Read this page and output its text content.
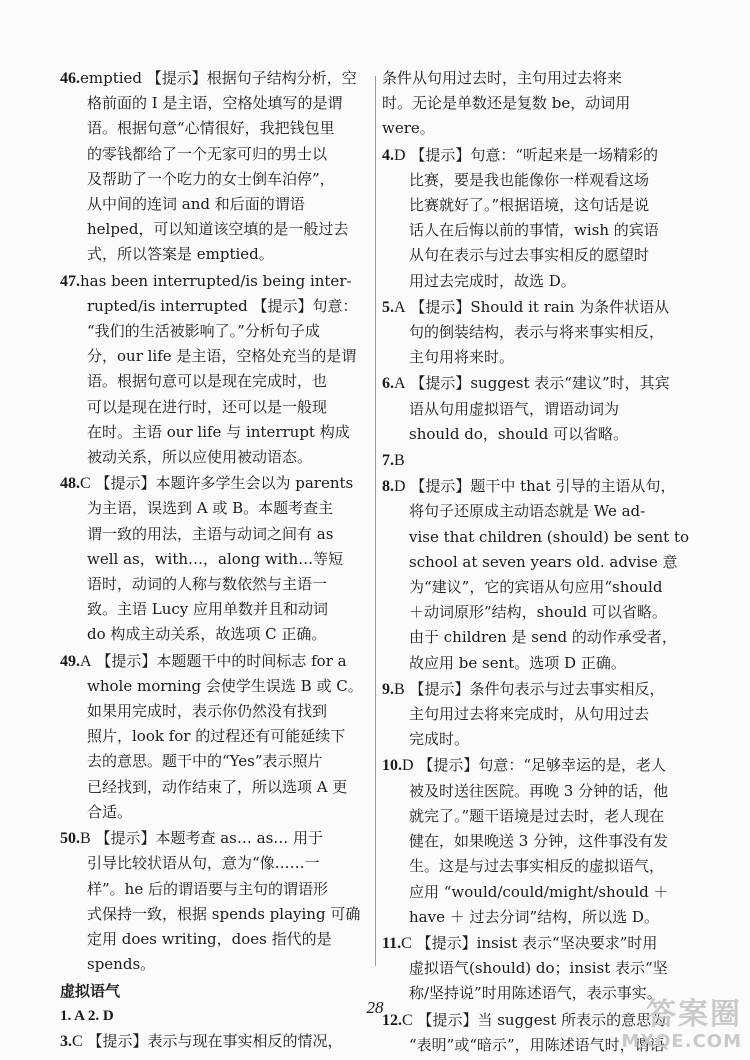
46.emptied 【提示】根据句子结构分析，空

格前面的 I 是主语，空格处填写的是谓

语。根据句意“心情很好，我把钱包里

的零钱都给了一个无家可归的男士以

及帮助了一个吃力的女士倒车泊停”，

从中间的连词 and 和后面的谓语

helped，可以知道该空填的是一般过去

式，所以答案是 emptied。

47.has been interrupted/is being inter-

rupted/is interrupted 【提示】句意：

“我们的生活被影响了。”分析句子成

分，our life 是主语，空格处充当的是谓

语。根据句意可以是现在完成时，也

可以是现在进行时，还可以是一般现

在时。主语 our life 与 interrupt 构成

被动关系，所以应使用被动语态。

48.C 【提示】本题许多学生会以为 parents

为主语，误选到 A 或 B。本题考查主

谓一致的用法，主语与动词之间有 as

well as，with…，along with…等短

语时，动词的人称与数依然与主语一

致。主语 Lucy 应用单数并且和动词

do 构成主动关系，故选项 C 正确。

49.A 【提示】本题题干中的时间标志 for a

whole morning 会使学生误选 B 或 C。

如果用完成时，表示你仍然没有找到

照片，look for 的过程还有可能延续下

去的意思。题干中的“Yes”表示照片

已经找到，动作结束了，所以选项 A 更

合适。

50.B 【提示】本题考查 as… as… 用于

引导比较状语从句，意为“像……一

样”。he 后的谓语要与主句的谓语形

式保持一致，根据 spends playing 可确

定用 does writing，does 指代的是

spends。

虚拟语气

1. A 2. D

3.C 【提示】表示与现在事实相反的情况，

条件从句用过去时，主句用过去将来

时。无论是单数还是复数 be，动词用

were。

4.D 【提示】句意：“听起来是一场精彩的

比赛，要是我也能像你一样观看这场

比赛就好了。”根据语境，这句话是说

话人在后悔以前的事情，wish 的宾语

从句在表示与过去事实相反的愿望时

用过去完成时，故选 D。

5.A 【提示】Should it rain 为条件状语从

句的倒装结构，表示与将来事实相反，

主句用将来时。

6.A 【提示】suggest 表示“建议”时，其宾

语从句用虚拟语气，谓语动词为

should do，should 可以省略。

7.B

8.D 【提示】题干中 that 引导的主语从句，

将句子还原成主动语态就是 We ad-

vise that children (should) be sent to

school at seven years old. advise 意

为“建议”，它的宾语从句应用“should

＋动词原形”结构，should 可以省略。

由于 children 是 send 的动作承受者，

故应用 be sent。选项 D 正确。

9.B 【提示】条件句表示与过去事实相反，

主句用过去将来完成时，从句用过去

完成时。

10.D 【提示】句意：“足够幸运的是，老人

被及时送往医院。再晚 3 分钟的话，他

就完了。”题干语境是过去时，老人现在

健在，如果晚送 3 分钟，这件事没有发

生。这是与过去事实相反的虚拟语气，

应用 “would/could/might/should ＋

have ＋ 过去分词”结构，所以选 D。

11.C 【提示】insist 表示“坚决要求”时用

虚拟语气(should) do；insist 表示“坚

称/坚持说”时用陈述语气，表示事实。

12.C 【提示】当 suggest 所表示的意思为

“表明”或“暗示”，用陈述语气时，谓语

28	答案圈
MXQE.COM
